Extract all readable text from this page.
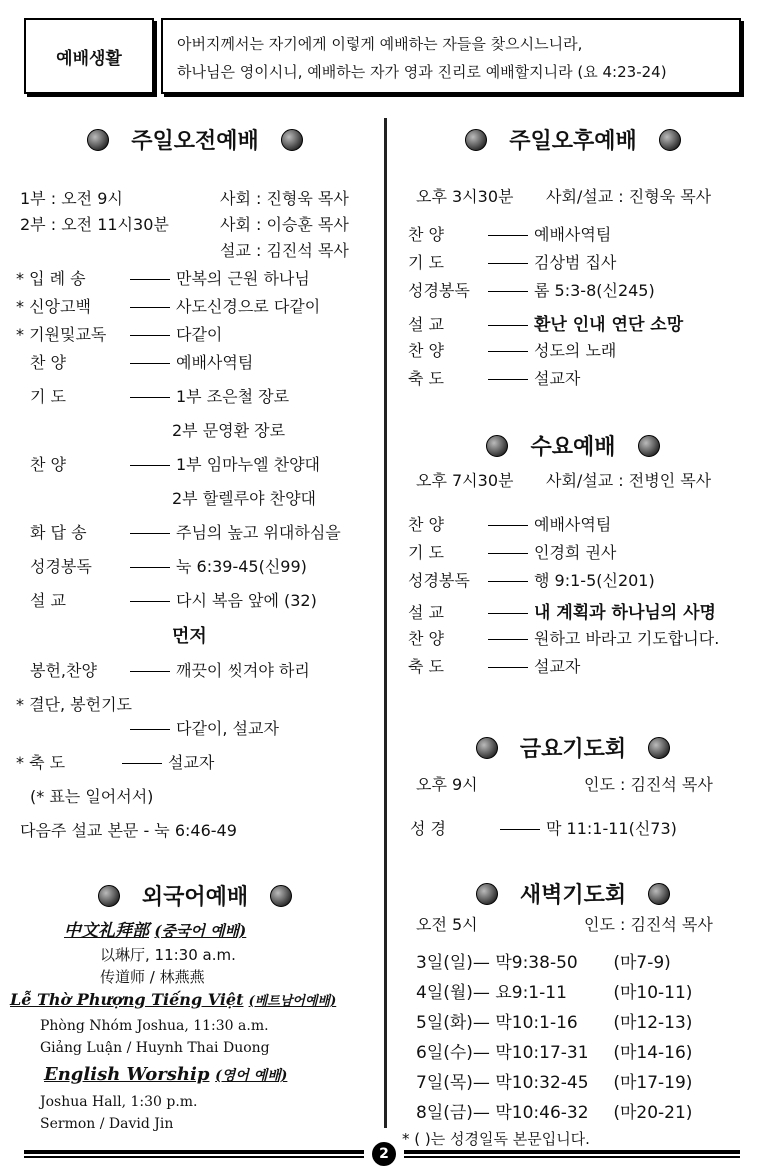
예배생활
아버지께서는 자기에게 이렇게 예배하는 자들을 찾으시느니라,
하나님은 영이시니, 예배하는 자가 영과 진리로 예배할지니라 (요 4:23-24)
주일오전예배
1부 : 오전 9시	사회 : 진형욱 목사
2부 : 오전 11시30분	사회 : 이승훈 목사
설교 : 김진석 목사
* 입 례 송	만복의 근원 하나님
* 신앙고백	사도신경으로 다같이
* 기원및교독	다같이
찬 양	예배사역팀
기 도	1부 조은철 장로
2부 문영환 장로
찬 양	1부 임마누엘 찬양대
2부 할렐루야 찬양대
화 답 송	주님의 높고 위대하심을
성경봉독	눅 6:39-45(신99)
설 교	다시 복음 앞에 (32)
먼저
봉헌,찬양	깨끗이 씻겨야 하리
* 결단, 봉헌기도
다같이, 설교자
* 축 도	설교자
(* 표는 일어서서)
다음주 설교 본문 - 눅 6:46-49
외국어예배
中文礼拜部 (중국어 예배)
以琳厅, 11:30 a.m.
传道师 / 林燕燕
Lễ Thờ Phượng Tiếng Việt (베트남어예배)
Phòng Nhóm Joshua, 11:30 a.m.
Giảng Luận / Huynh Thai Duong
English Worship (영어 예배)
Joshua Hall, 1:30 p.m.
Sermon / David Jin
주일오후예배
오후 3시30분 사회/설교 : 진형욱 목사
찬 양	예배사역팀
기 도	김상범 집사
성경봉독	롬 5:3-8(신245)
설 교	환난 인내 연단 소망
찬 양	성도의 노래
축 도	설교자
수요예배
오후 7시30분 사회/설교 : 전병인 목사
찬 양	예배사역팀
기 도	인경희 권사
성경봉독	행 9:1-5(신201)
설 교	내 계획과 하나님의 사명
찬 양	원하고 바라고 기도합니다.
축 도	설교자
금요기도회
오후 9시	인도 : 김진석 목사
성 경	막 11:1-11(신73)
새벽기도회
오전 5시	인도 : 김진석 목사
3일(일)— 막9:38-50 (마7-9)
4일(월)— 요9:1-11	(마10-11)
5일(화)— 막10:1-16 (마12-13)
6일(수)— 막10:17-31 (마14-16)
7일(목)— 막10:32-45 (마17-19)
8일(금)— 막10:46-32 (마20-21)
* ( )는 성경일독 본문입니다.
2
